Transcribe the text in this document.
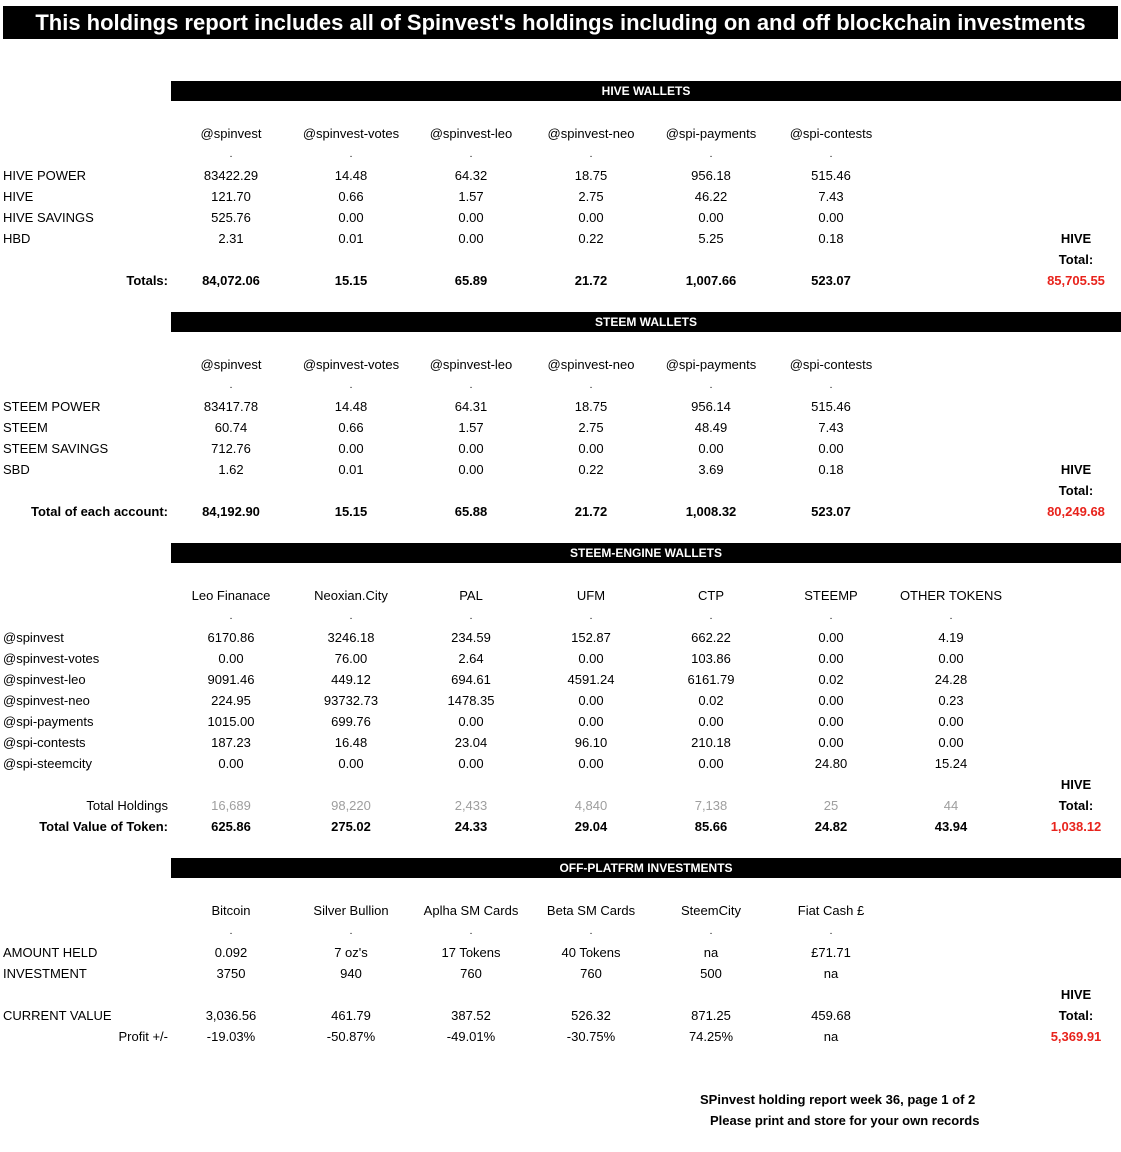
This holdings report includes all of Spinvest's holdings including on and off blockchain investments
HIVE WALLETS
@spinvest	@spinvest-votes	@spinvest-leo	@spinvest-neo	@spi-payments	@spi-contests
.	.	.	.	.	.
HIVE POWER	83422.29	14.48	64.32	18.75	956.18	515.46
HIVE	121.70	0.66	1.57	2.75	46.22	7.43
HIVE SAVINGS	525.76	0.00	0.00	0.00	0.00	0.00
HBD	2.31	0.01	0.00	0.22	5.25	0.18	HIVE
Total:
Totals:	84,072.06	15.15	65.89	21.72	1,007.66	523.07	85,705.55
STEEM WALLETS
@spinvest	@spinvest-votes	@spinvest-leo	@spinvest-neo	@spi-payments	@spi-contests
.	.	.	.	.	.
STEEM POWER	83417.78	14.48	64.31	18.75	956.14	515.46
STEEM	60.74	0.66	1.57	2.75	48.49	7.43
STEEM SAVINGS	712.76	0.00	0.00	0.00	0.00	0.00
SBD	1.62	0.01	0.00	0.22	3.69	0.18	HIVE
Total:
Total of each account:	84,192.90	15.15	65.88	21.72	1,008.32	523.07	80,249.68
STEEM-ENGINE WALLETS
Leo Finanace	Neoxian.City	PAL	UFM	CTP	STEEMP	OTHER TOKENS
.	.	.	.	.	.	.
@spinvest	6170.86	3246.18	234.59	152.87	662.22	0.00	4.19
@spinvest-votes	0.00	76.00	2.64	0.00	103.86	0.00	0.00
@spinvest-leo	9091.46	449.12	694.61	4591.24	6161.79	0.02	24.28
@spinvest-neo	224.95	93732.73	1478.35	0.00	0.02	0.00	0.23
@spi-payments	1015.00	699.76	0.00	0.00	0.00	0.00	0.00
@spi-contests	187.23	16.48	23.04	96.10	210.18	0.00	0.00
@spi-steemcity	0.00	0.00	0.00	0.00	0.00	24.80	15.24
HIVE
Total Holdings	16,689	98,220	2,433	4,840	7,138	25	44	Total:
Total Value of Token:	625.86	275.02	24.33	29.04	85.66	24.82	43.94	1,038.12
OFF-PLATFRM INVESTMENTS
Bitcoin	Silver Bullion	Aplha SM Cards	Beta SM Cards	SteemCity	Fiat Cash £
.	.	.	.	.	.
AMOUNT HELD	0.092	7 oz's	17 Tokens	40 Tokens	na	£71.71
INVESTMENT	3750	940	760	760	500	na
HIVE
CURRENT VALUE	3,036.56	461.79	387.52	526.32	871.25	459.68	Total:
Profit +/-	-19.03%	-50.87%	-49.01%	-30.75%	74.25%	na	5,369.91
SPinvest holding report week 36, page 1 of 2
Please print and store for your own records
